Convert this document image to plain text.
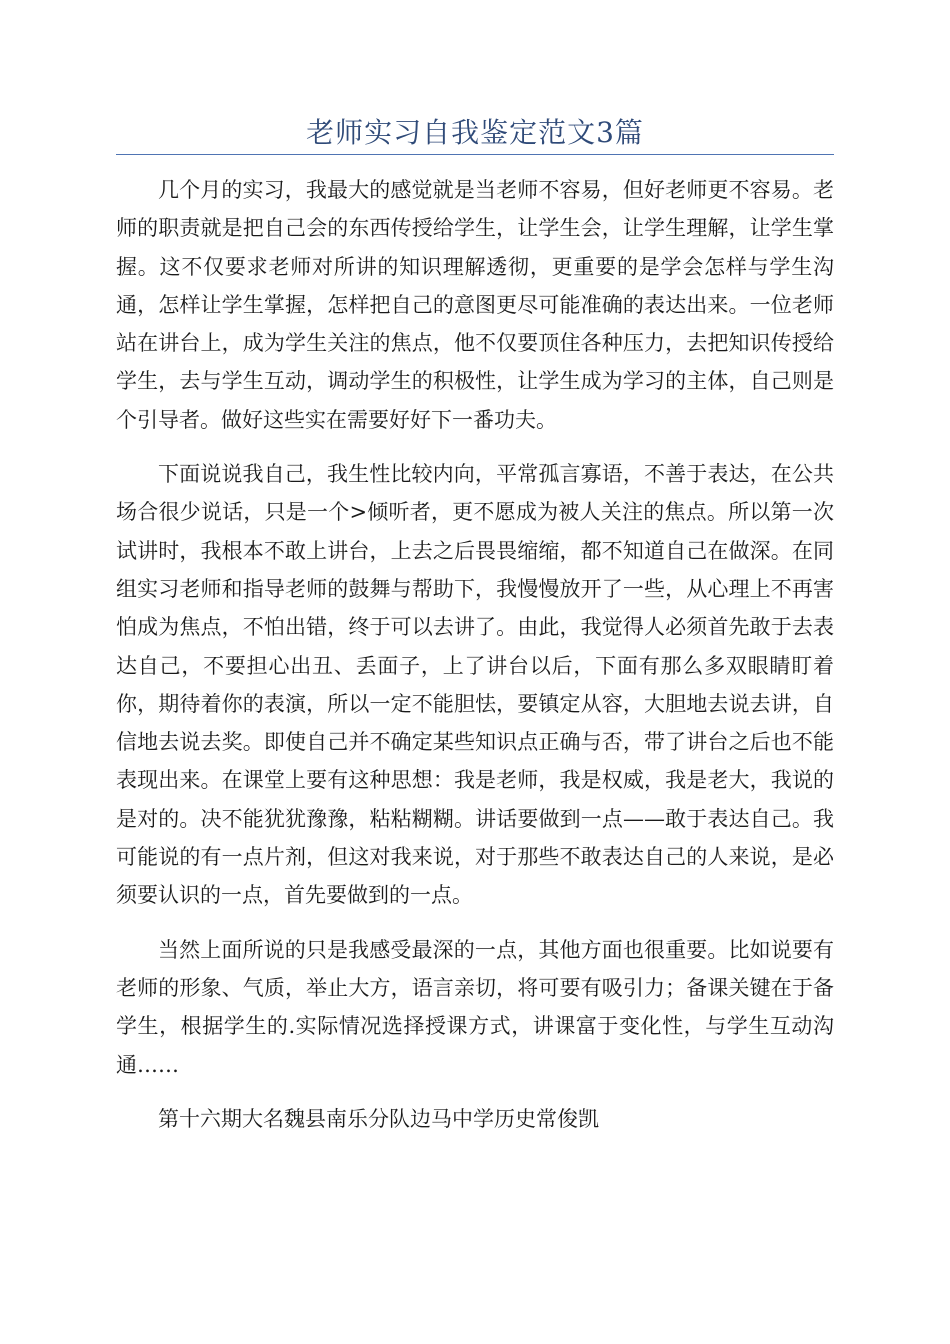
老师实习自我鉴定范文3篇

几个月的实习，我最大的感觉就是当老师不容易，但好老师更不容易。老师的职责就是把自己会的东西传授给学生，让学生会，让学生理解，让学生掌握。这不仅要求老师对所讲的知识理解透彻，更重要的是学会怎样与学生沟通，怎样让学生掌握，怎样把自己的意图更尽可能准确的表达出来。一位老师站在讲台上，成为学生关注的焦点，他不仅要顶住各种压力，去把知识传授给学生，去与学生互动，调动学生的积极性，让学生成为学习的主体，自己则是个引导者。做好这些实在需要好好下一番功夫。

下面说说我自己，我生性比较内向，平常孤言寡语，不善于表达，在公共场合很少说话，只是一个>倾听者，更不愿成为被人关注的焦点。所以第一次试讲时，我根本不敢上讲台，上去之后畏畏缩缩，都不知道自己在做深。在同组实习老师和指导老师的鼓舞与帮助下，我慢慢放开了一些，从心理上不再害怕成为焦点，不怕出错，终于可以去讲了。由此，我觉得人必须首先敢于去表达自己，不要担心出丑、丢面子，上了讲台以后，下面有那么多双眼睛盯着你，期待着你的表演，所以一定不能胆怯，要镇定从容，大胆地去说去讲，自信地去说去奖。即使自己并不确定某些知识点正确与否，带了讲台之后也不能表现出来。在课堂上要有这种思想：我是老师，我是权威，我是老大，我说的是对的。决不能犹犹豫豫，粘粘糊糊。讲话要做到一点——敢于表达自己。我可能说的有一点片剂，但这对我来说，对于那些不敢表达自己的人来说，是必须要认识的一点，首先要做到的一点。

当然上面所说的只是我感受最深的一点，其他方面也很重要。比如说要有老师的形象、气质，举止大方，语言亲切，将可要有吸引力；备课关键在于备学生，根据学生的.实际情况选择授课方式，讲课富于变化性，与学生互动沟通……

第十六期大名魏县南乐分队边马中学历史常俊凯
